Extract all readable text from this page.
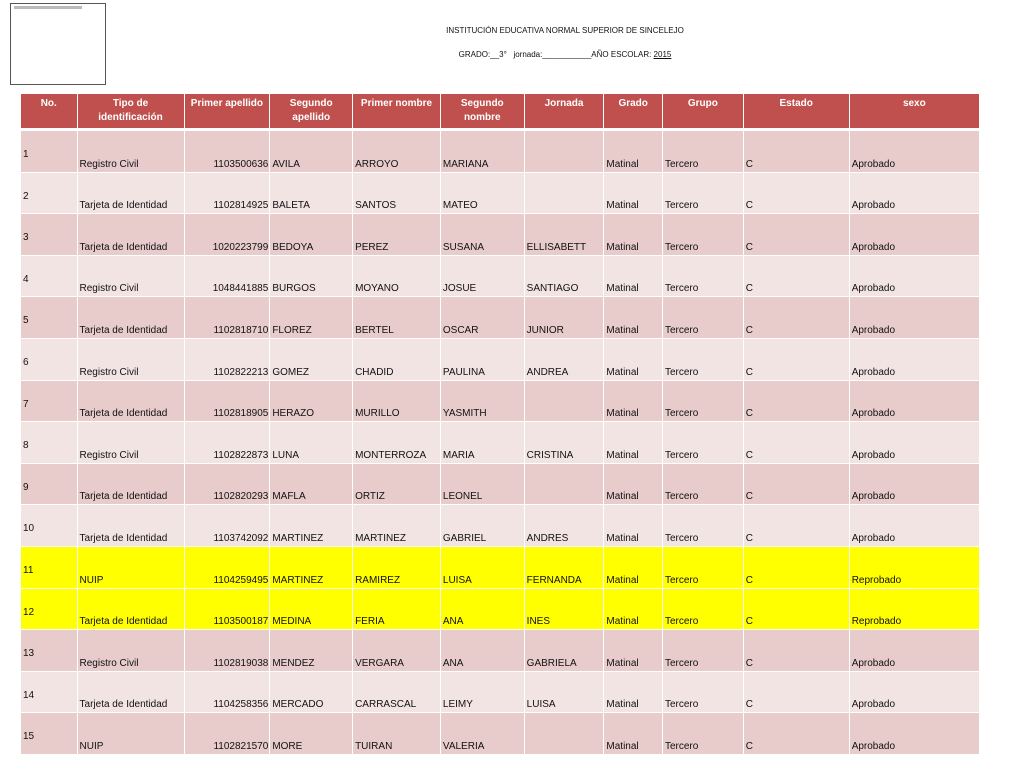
INSTITUCIÓN EDUCATIVA NORMAL SUPERIOR DE SINCELEJO
GRADO:__3° jornada:___________AÑO ESCOLAR: 2015
No.	Tipo de identificación	Primer apellido	Segundo apellido	Primer nombre	Segundo nombre	Jornada	Grado	Grupo	Estado	sexo
1	Registro Civil	1103500636	AVILA	ARROYO	MARIANA		Matinal	Tercero	C	Aprobado
2	Tarjeta de Identidad	1102814925	BALETA	SANTOS	MATEO		Matinal	Tercero	C	Aprobado
3	Tarjeta de Identidad	1020223799	BEDOYA	PEREZ	SUSANA	ELLISABETT	Matinal	Tercero	C	Aprobado
4	Registro Civil	1048441885	BURGOS	MOYANO	JOSUE	SANTIAGO	Matinal	Tercero	C	Aprobado
5	Tarjeta de Identidad	1102818710	FLOREZ	BERTEL	OSCAR	JUNIOR	Matinal	Tercero	C	Aprobado
6	Registro Civil	1102822213	GOMEZ	CHADID	PAULINA	ANDREA	Matinal	Tercero	C	Aprobado
7	Tarjeta de Identidad	1102818905	HERAZO	MURILLO	YASMITH		Matinal	Tercero	C	Aprobado
8	Registro Civil	1102822873	LUNA	MONTERROZA	MARIA	CRISTINA	Matinal	Tercero	C	Aprobado
9	Tarjeta de Identidad	1102820293	MAFLA	ORTIZ	LEONEL		Matinal	Tercero	C	Aprobado
10	Tarjeta de Identidad	1103742092	MARTINEZ	MARTINEZ	GABRIEL	ANDRES	Matinal	Tercero	C	Aprobado
11	NUIP	1104259495	MARTINEZ	RAMIREZ	LUISA	FERNANDA	Matinal	Tercero	C	Reprobado
12	Tarjeta de Identidad	1103500187	MEDINA	FERIA	ANA	INES	Matinal	Tercero	C	Reprobado
13	Registro Civil	1102819038	MENDEZ	VERGARA	ANA	GABRIELA	Matinal	Tercero	C	Aprobado
14	Tarjeta de Identidad	1104258356	MERCADO	CARRASCAL	LEIMY	LUISA	Matinal	Tercero	C	Aprobado
15	NUIP	1102821570	MORE	TUIRAN	VALERIA		Matinal	Tercero	C	Aprobado
